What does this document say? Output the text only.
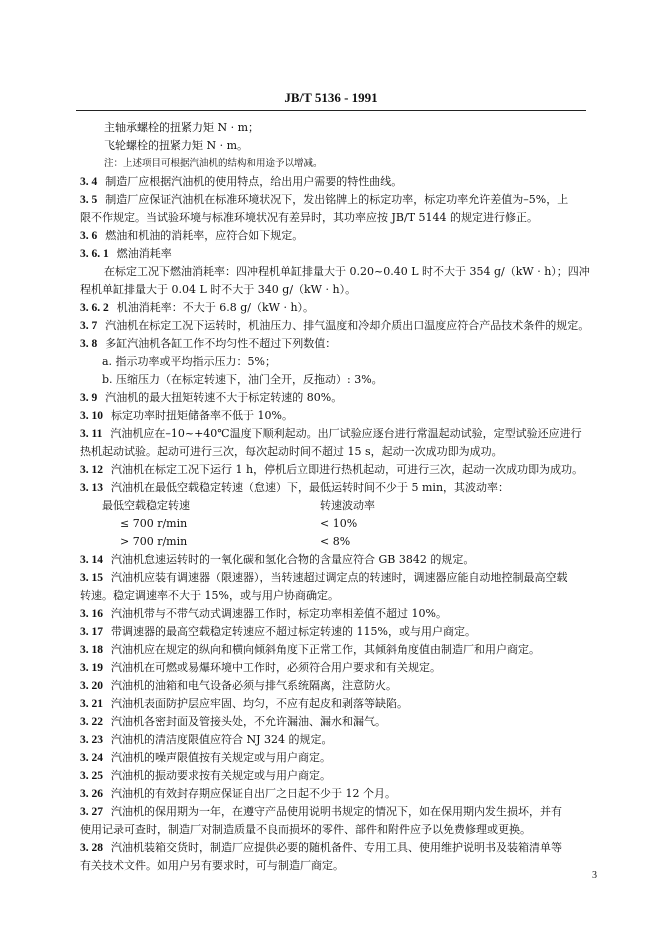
JB/T 5136 - 1991
主轴承螺栓的扭紧力矩 N · m；
飞轮螺栓的扭紧力矩 N · m。
注：上述项目可根据汽油机的结构和用途予以增减。
3. 4 制造厂应根据汽油机的使用特点，给出用户需要的特性曲线。
3. 5 制造厂应保证汽油机在标准环境状况下，发出铭牌上的标定功率，标定功率允许差值为–5%，上
限不作规定。当试验环境与标准环境状况有差异时，其功率应按 JB/T 5144 的规定进行修正。
3. 6 燃油和机油的消耗率，应符合如下规定。
3. 6. 1 燃油消耗率
在标定工况下燃油消耗率：四冲程机单缸排量大于 0.20~0.40 L 时不大于 354 g/（kW · h）；四冲
程机单缸排量大于 0.04 L 时不大于 340 g/（kW · h）。
3. 6. 2 机油消耗率：不大于 6.8 g/（kW · h）。
3. 7 汽油机在标定工况下运转时，机油压力、排气温度和冷却介质出口温度应符合产品技术条件的规定。
3. 8 多缸汽油机各缸工作不均匀性不超过下列数值：
a. 指示功率或平均指示压力：5%；
b. 压缩压力（在标定转速下，油门全开，反拖动）: 3%。
3. 9 汽油机的最大扭矩转速不大于标定转速的 80%。
3. 10 标定功率时扭矩储备率不低于 10%。
3. 11 汽油机应在–10~+40℃温度下顺利起动。出厂试验应逐台进行常温起动试验，定型试验还应进行
热机起动试验。起动可进行三次，每次起动时间不超过 15 s，起动一次成功即为成功。
3. 12 汽油机在标定工况下运行 1 h，停机后立即进行热机起动，可进行三次，起动一次成功即为成功。
3. 13 汽油机在最低空载稳定转速（怠速）下，最低运转时间不少于 5 min，其波动率：
最低空载稳定转速	转速波动率
≤ 700 r/min	< 10%
> 700 r/min	< 8%
3. 14 汽油机怠速运转时的一氧化碳和氢化合物的含量应符合 GB 3842 的规定。
3. 15 汽油机应装有调速器（限速器），当转速超过调定点的转速时，调速器应能自动地控制最高空载
转速。稳定调速率不大于 15%，或与用户协商确定。
3. 16 汽油机带与不带气动式调速器工作时，标定功率相差值不超过 10%。
3. 17 带调速器的最高空载稳定转速应不超过标定转速的 115%，或与用户商定。
3. 18 汽油机应在规定的纵向和横向倾斜角度下正常工作，其倾斜角度值由制造厂和用户商定。
3. 19 汽油机在可燃或易爆环境中工作时，必须符合用户要求和有关规定。
3. 20 汽油机的油箱和电气设备必须与排气系统隔离，注意防火。
3. 21 汽油机表面防护层应牢固、均匀，不应有起皮和剥落等缺陷。
3. 22 汽油机各密封面及管接头处，不允许漏油、漏水和漏气。
3. 23 汽油机的清洁度限值应符合 NJ 324 的规定。
3. 24 汽油机的噪声限值按有关规定或与用户商定。
3. 25 汽油机的振动要求按有关规定或与用户商定。
3. 26 汽油机的有效封存期应保证自出厂之日起不少于 12 个月。
3. 27 汽油机的保用期为一年，在遵守产品使用说明书规定的情况下，如在保用期内发生损坏，并有
使用记录可查时，制造厂对制造质量不良而损坏的零件、部件和附件应予以免费修理或更换。
3. 28 汽油机装箱交货时，制造厂应提供必要的随机备件、专用工具、使用维护说明书及装箱清单等
有关技术文件。如用户另有要求时，可与制造厂商定。
3
